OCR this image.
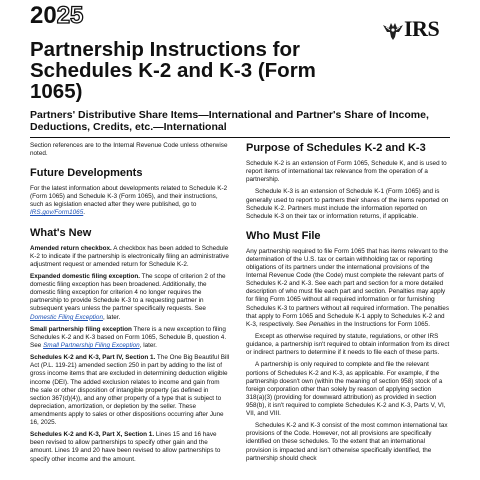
2025	IRS
Partnership Instructions for Schedules K-2 and K-3 (Form 1065)

Partners' Distributive Share Items—International and Partner's Share of Income, Deductions, Credits, etc.—International

Section references are to the Internal Revenue Code unless otherwise noted.

Future Developments

For the latest information about developments related to Schedule K-2 (Form 1065) and Schedule K-3 (Form 1065), and their instructions, such as legislation enacted after they were published, go to IRS.gov/Form1065.

What's New

Amended return checkbox. A checkbox has been added to Schedule K-2 to indicate if the partnership is electronically filing an administrative adjustment request or amended return for Schedule K-2.

Expanded domestic filing exception. The scope of criterion 2 of the domestic filing exception has been broadened. Additionally, the domestic filing exception for criterion 4 no longer requires the partnership to provide Schedule K-3 to a requesting partner in subsequent years unless the partner specifically requests. See Domestic Filing Exception, later.

Small partnership filing exception There is a new exception to filing Schedules K-2 and K-3 based on Form 1065, Schedule B, question 4. See Small Partnership Filing Exception, later.

Schedules K-2 and K-3, Part IV, Section 1. The One Big Beautiful Bill Act (P.L. 119-21) amended section 250 in part by adding to the list of gross income items that are excluded in determining deduction eligible income (DEI). The added exclusion relates to income and gain from the sale or other disposition of intangible property (as defined in section 367(d)(4)), and any other property of a type that is subject to depreciation, amortization, or depletion by the seller. These amendments apply to sales or other dispositions occurring after June 16, 2025.

Schedules K-2 and K-3, Part X, Section 1. Lines 15 and 16 have been revised to allow partnerships to specify other gain and the amount. Lines 19 and 20 have been revised to allow partnerships to specify other income and the amount.

Purpose of Schedules K-2 and K-3

Schedule K-2 is an extension of Form 1065, Schedule K, and is used to report items of international tax relevance from the operation of a partnership.

Schedule K-3 is an extension of Schedule K-1 (Form 1065) and is generally used to report to partners their shares of the items reported on Schedule K-2. Partners must include the information reported on Schedule K-3 on their tax or information returns, if applicable.

Who Must File

Any partnership required to file Form 1065 that has items relevant to the determination of the U.S. tax or certain withholding tax or reporting obligations of its partners under the international provisions of the Internal Revenue Code (the Code) must complete the relevant parts of Schedules K-2 and K-3. See each part and section for a more detailed description of who must file each part and section. Penalties may apply for filing Form 1065 without all required information or for furnishing Schedules K-3 to partners without all required information. The penalties that apply to Form 1065 and Schedule K-1 apply to Schedules K-2 and K-3, respectively. See Penalties in the Instructions for Form 1065.

Except as otherwise required by statute, regulations, or other IRS guidance, a partnership isn't required to obtain information from its direct or indirect partners to determine if it needs to file each of these parts.

A partnership is only required to complete and file the relevant portions of Schedules K-2 and K-3, as applicable. For example, if the partnership doesn't own (within the meaning of section 958) stock of a foreign corporation other than solely by reason of applying section 318(a)(3) (providing for downward attribution) as provided in section 958(b), it isn't required to complete Schedules K-2 and K-3, Parts V, VI, VII, and VIII.

Schedules K-2 and K-3 consist of the most common international tax provisions of the Code. However, not all provisions are specifically identified on these schedules. To the extent that an international provision is impacted and isn't otherwise specifically identified, the partnership should check
